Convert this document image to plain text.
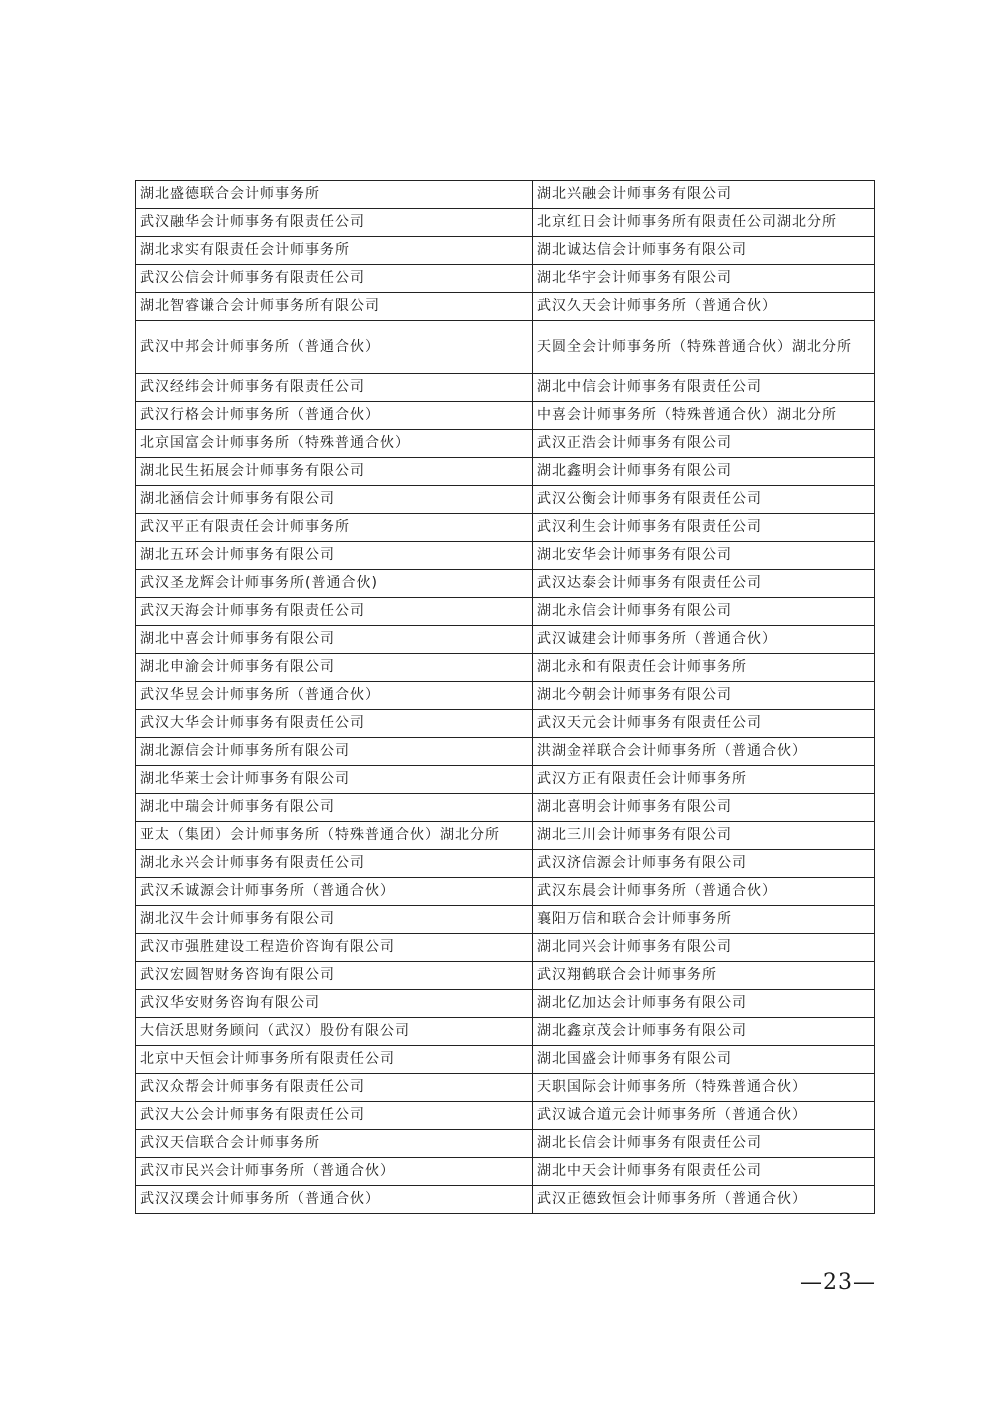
湖北盛德联合会计师事务所	湖北兴融会计师事务有限公司
武汉融华会计师事务有限责任公司	北京红日会计师事务所有限责任公司湖北分所
湖北求实有限责任会计师事务所	湖北诚达信会计师事务有限公司
武汉公信会计师事务有限责任公司	湖北华宇会计师事务有限公司
湖北智睿谦合会计师事务所有限公司	武汉久天会计师事务所（普通合伙）
武汉中邦会计师事务所（普通合伙）	天圆全会计师事务所（特殊普通合伙）湖北分所
武汉经纬会计师事务有限责任公司	湖北中信会计师事务有限责任公司
武汉行格会计师事务所（普通合伙）	中喜会计师事务所（特殊普通合伙）湖北分所
北京国富会计师事务所（特殊普通合伙）	武汉正浩会计师事务有限公司
湖北民生拓展会计师事务有限公司	湖北鑫明会计师事务有限公司
湖北涵信会计师事务有限公司	武汉公衡会计师事务有限责任公司
武汉平正有限责任会计师事务所	武汉利生会计师事务有限责任公司
湖北五环会计师事务有限公司	湖北安华会计师事务有限公司
武汉圣龙辉会计师事务所(普通合伙)	武汉达泰会计师事务有限责任公司
武汉天海会计师事务有限责任公司	湖北永信会计师事务有限公司
湖北中喜会计师事务有限公司	武汉诚建会计师事务所（普通合伙）
湖北申渝会计师事务有限公司	湖北永和有限责任会计师事务所
武汉华昱会计师事务所（普通合伙）	湖北今朝会计师事务有限公司
武汉大华会计师事务有限责任公司	武汉天元会计师事务有限责任公司
湖北源信会计师事务所有限公司	洪湖金祥联合会计师事务所（普通合伙）
湖北华莱士会计师事务有限公司	武汉方正有限责任会计师事务所
湖北中瑞会计师事务有限公司	湖北喜明会计师事务有限公司
亚太（集团）会计师事务所（特殊普通合伙）湖北分所	湖北三川会计师事务有限公司
湖北永兴会计师事务有限责任公司	武汉济信源会计师事务有限公司
武汉禾诚源会计师事务所（普通合伙）	武汉东晨会计师事务所（普通合伙）
湖北汉牛会计师事务有限公司	襄阳万信和联合会计师事务所
武汉市强胜建设工程造价咨询有限公司	湖北同兴会计师事务有限公司
武汉宏圆智财务咨询有限公司	武汉翔鹤联合会计师事务所
武汉华安财务咨询有限公司	湖北亿加达会计师事务有限公司
大信沃思财务顾问（武汉）股份有限公司	湖北鑫京茂会计师事务有限公司
北京中天恒会计师事务所有限责任公司	湖北国盛会计师事务有限公司
武汉众帮会计师事务有限责任公司	天职国际会计师事务所（特殊普通合伙）
武汉大公会计师事务有限责任公司	武汉诚合道元会计师事务所（普通合伙）
武汉天信联合会计师事务所	湖北长信会计师事务有限责任公司
武汉市民兴会计师事务所（普通合伙）	湖北中天会计师事务有限责任公司
武汉汉璞会计师事务所（普通合伙）	武汉正德致恒会计师事务所（普通合伙）
—23—
